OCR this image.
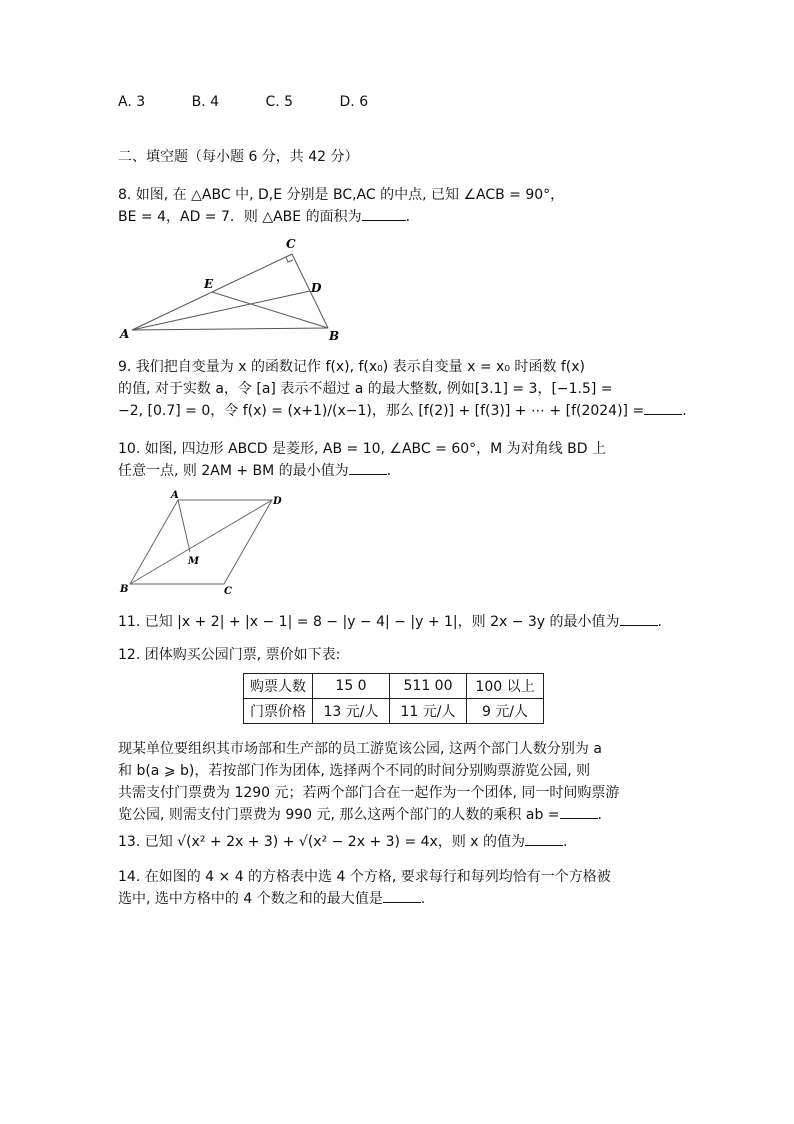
A. 3	B. 4	C. 5	D. 6
二、填空题（每小题 6 分，共 42 分）
8. 如图, 在 △ABC 中, D,E 分别是 BC,AC 的中点, 已知 ∠ACB = 90°，
BE = 4，AD = 7．则 △ABE 的面积为	.
C
E	D
A	B
9. 我们把自变量为 x 的函数记作 f(x), f(x₀) 表示自变量 x = x₀ 时函数 f(x)
的值, 对于实数 a，令 [a] 表示不超过 a 的最大整数, 例如[3.1] = 3，[−1.5] =
−2, [0.7] = 0，令 f(x) = (x+1)/(x−1)，那么 [f(2)] + [f(3)] + ⋯ + [f(2024)] =	.
10. 如图, 四边形 ABCD 是菱形, AB = 10, ∠ABC = 60°，M 为对角线 BD 上
任意一点, 则 2AM + BM 的最小值为	.
A
D
M
B	C
11. 已知 |x + 2| + |x − 1| = 8 − |y − 4| − |y + 1|，则 2x − 3y 的最小值为	.
12. 团体购买公园门票, 票价如下表:
购票人数	15 0	511 00	100 以上
门票价格	13 元/人	11 元/人	9 元/人
现某单位要组织其市场部和生产部的员工游览该公园, 这两个部门人数分别为 a
和 b(a ⩾ b)，若按部门作为团体, 选择两个不同的时间分别购票游览公园, 则
共需支付门票费为 1290 元；若两个部门合在一起作为一个团体, 同一时间购票游
览公园, 则需支付门票费为 990 元, 那么这两个部门的人数的乘积 ab =	.
13. 已知 √(x² + 2x + 3) + √(x² − 2x + 3) = 4x，则 x 的值为	.
14. 在如图的 4 × 4 的方格表中选 4 个方格, 要求每行和每列均恰有一个方格被
选中, 选中方格中的 4 个数之和的最大值是	.
